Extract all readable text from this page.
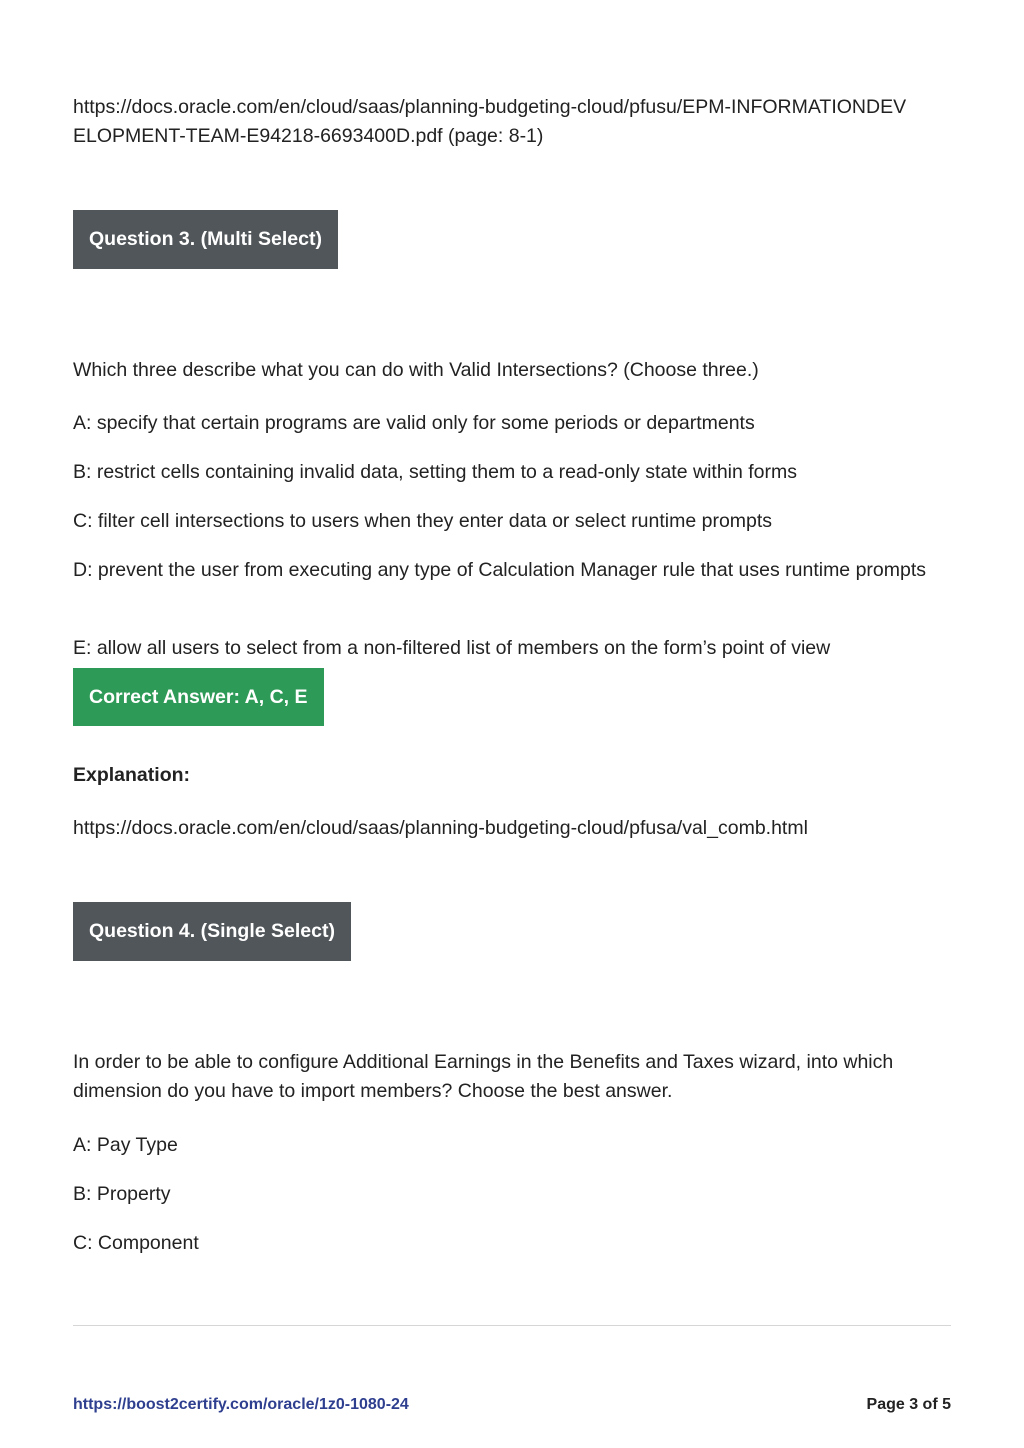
https://docs.oracle.com/en/cloud/saas/planning-budgeting-cloud/pfusu/EPM-INFORMATIONDEV
ELOPMENT-TEAM-E94218-6693400D.pdf (page: 8-1)
Question 3. (Multi Select)
Which three describe what you can do with Valid Intersections? (Choose three.)
A: specify that certain programs are valid only for some periods or departments
B: restrict cells containing invalid data, setting them to a read-only state within forms
C: filter cell intersections to users when they enter data or select runtime prompts
D: prevent the user from executing any type of Calculation Manager rule that uses runtime prompts
E: allow all users to select from a non-filtered list of members on the form’s point of view
Correct Answer: A, C, E
Explanation:
https://docs.oracle.com/en/cloud/saas/planning-budgeting-cloud/pfusa/val_comb.html
Question 4. (Single Select)
In order to be able to configure Additional Earnings in the Benefits and Taxes wizard, into which dimension do you have to import members? Choose the best answer.
A: Pay Type
B: Property
C: Component
https://boost2certify.com/oracle/1z0-1080-24	Page 3 of 5
